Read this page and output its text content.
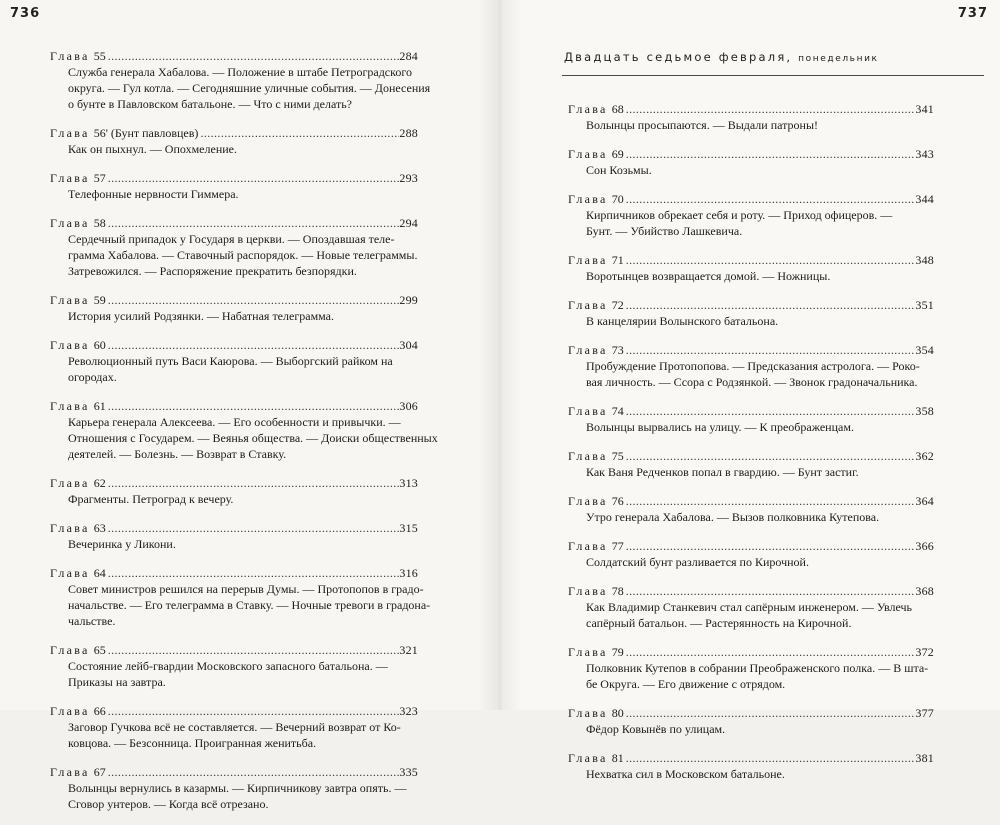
736
Глава 55 .....	284

Служба генерала Хабалова. — Положение в штабе Петроградского
округа. — Гул котла. — Сегодняшние уличные события. — Донесения
о бунте в Павловском батальоне. — Что с ними делать?

Глава 56' (Бунт павловцев) .....	288

Как он пыхнул. — Опохмеление.

Глава 57 .....	293

Телефонные нервности Гиммера.

Глава 58 .....	294

Сердечный припадок у Государя в церкви. — Опоздавшая теле-
грамма Хабалова. — Ставочный распорядок. — Новые телеграммы.
Затревожился. — Распоряжение прекратить безпорядки.

Глава 59 .....	299

История усилий Родзянки. — Набатная телеграмма.

Глава 60 .....	304

Революционный путь Васи Каюрова. — Выборгский райком на
огородах.

Глава 61 .....	306

Карьера генерала Алексеева. — Его особенности и привычки. —
Отношения с Государем. — Веянья общества. — Доиски общественных
деятелей. — Болезнь. — Возврат в Ставку.

Глава 62 .....	313

Фрагменты. Петроград к вечеру.

Глава 63 .....	315

Вечеринка у Ликони.

Глава 64 .....	316

Совет министров решился на перерыв Думы. — Протопопов в градо-
начальстве. — Его телеграмма в Ставку. — Ночные тревоги в градона-
чальстве.

Глава 65 .....	321

Состояние лейб-гвардии Московского запасного батальона. —
Приказы на завтра.

Глава 66 .....	323

Заговор Гучкова всё не составляется. — Вечерний возврат от Ко-
ковцова. — Безсонница. Проигранная женитьба.

Глава 67 .....	335

Волынцы вернулись в казармы. — Кирпичникову завтра опять. —
Сговор унтеров. — Когда всё отрезано.

737
Двадцать седьмое февраля, понедельник
Глава 68 .....	341

Волынцы просыпаются. — Выдали патроны!

Глава 69 .....	343

Сон Козьмы.

Глава 70 .....	344

Кирпичников обрекает себя и роту. — Приход офицеров. —
Бунт. — Убийство Лашкевича.

Глава 71 .....	348

Воротынцев возвращается домой. — Ножницы.

Глава 72 .....	351

В канцелярии Волынского батальона.

Глава 73 .....	354

Пробуждение Протопопова. — Предсказания астролога. — Роко-
вая личность. — Ссора с Родзянкой. — Звонок градоначальника.

Глава 74 .....	358

Волынцы вырвались на улицу. — К преображенцам.

Глава 75 .....	362

Как Ваня Редченков попал в гвардию. — Бунт застиг.

Глава 76 .....	364

Утро генерала Хабалова. — Вызов полковника Кутепова.

Глава 77 .....	366

Солдатский бунт разливается по Кирочной.

Глава 78 .....	368

Как Владимир Станкевич стал сапёрным инженером. — Увлечь
сапёрный батальон. — Растерянность на Кирочной.

Глава 79 .....	372

Полковник Кутепов в собрании Преображенского полка. — В шта-
бе Округа. — Его движение с отрядом.

Глава 80 .....	377

Фёдор Ковынёв по улицам.

Глава 81 .....	381

Нехватка сил в Московском батальоне.
